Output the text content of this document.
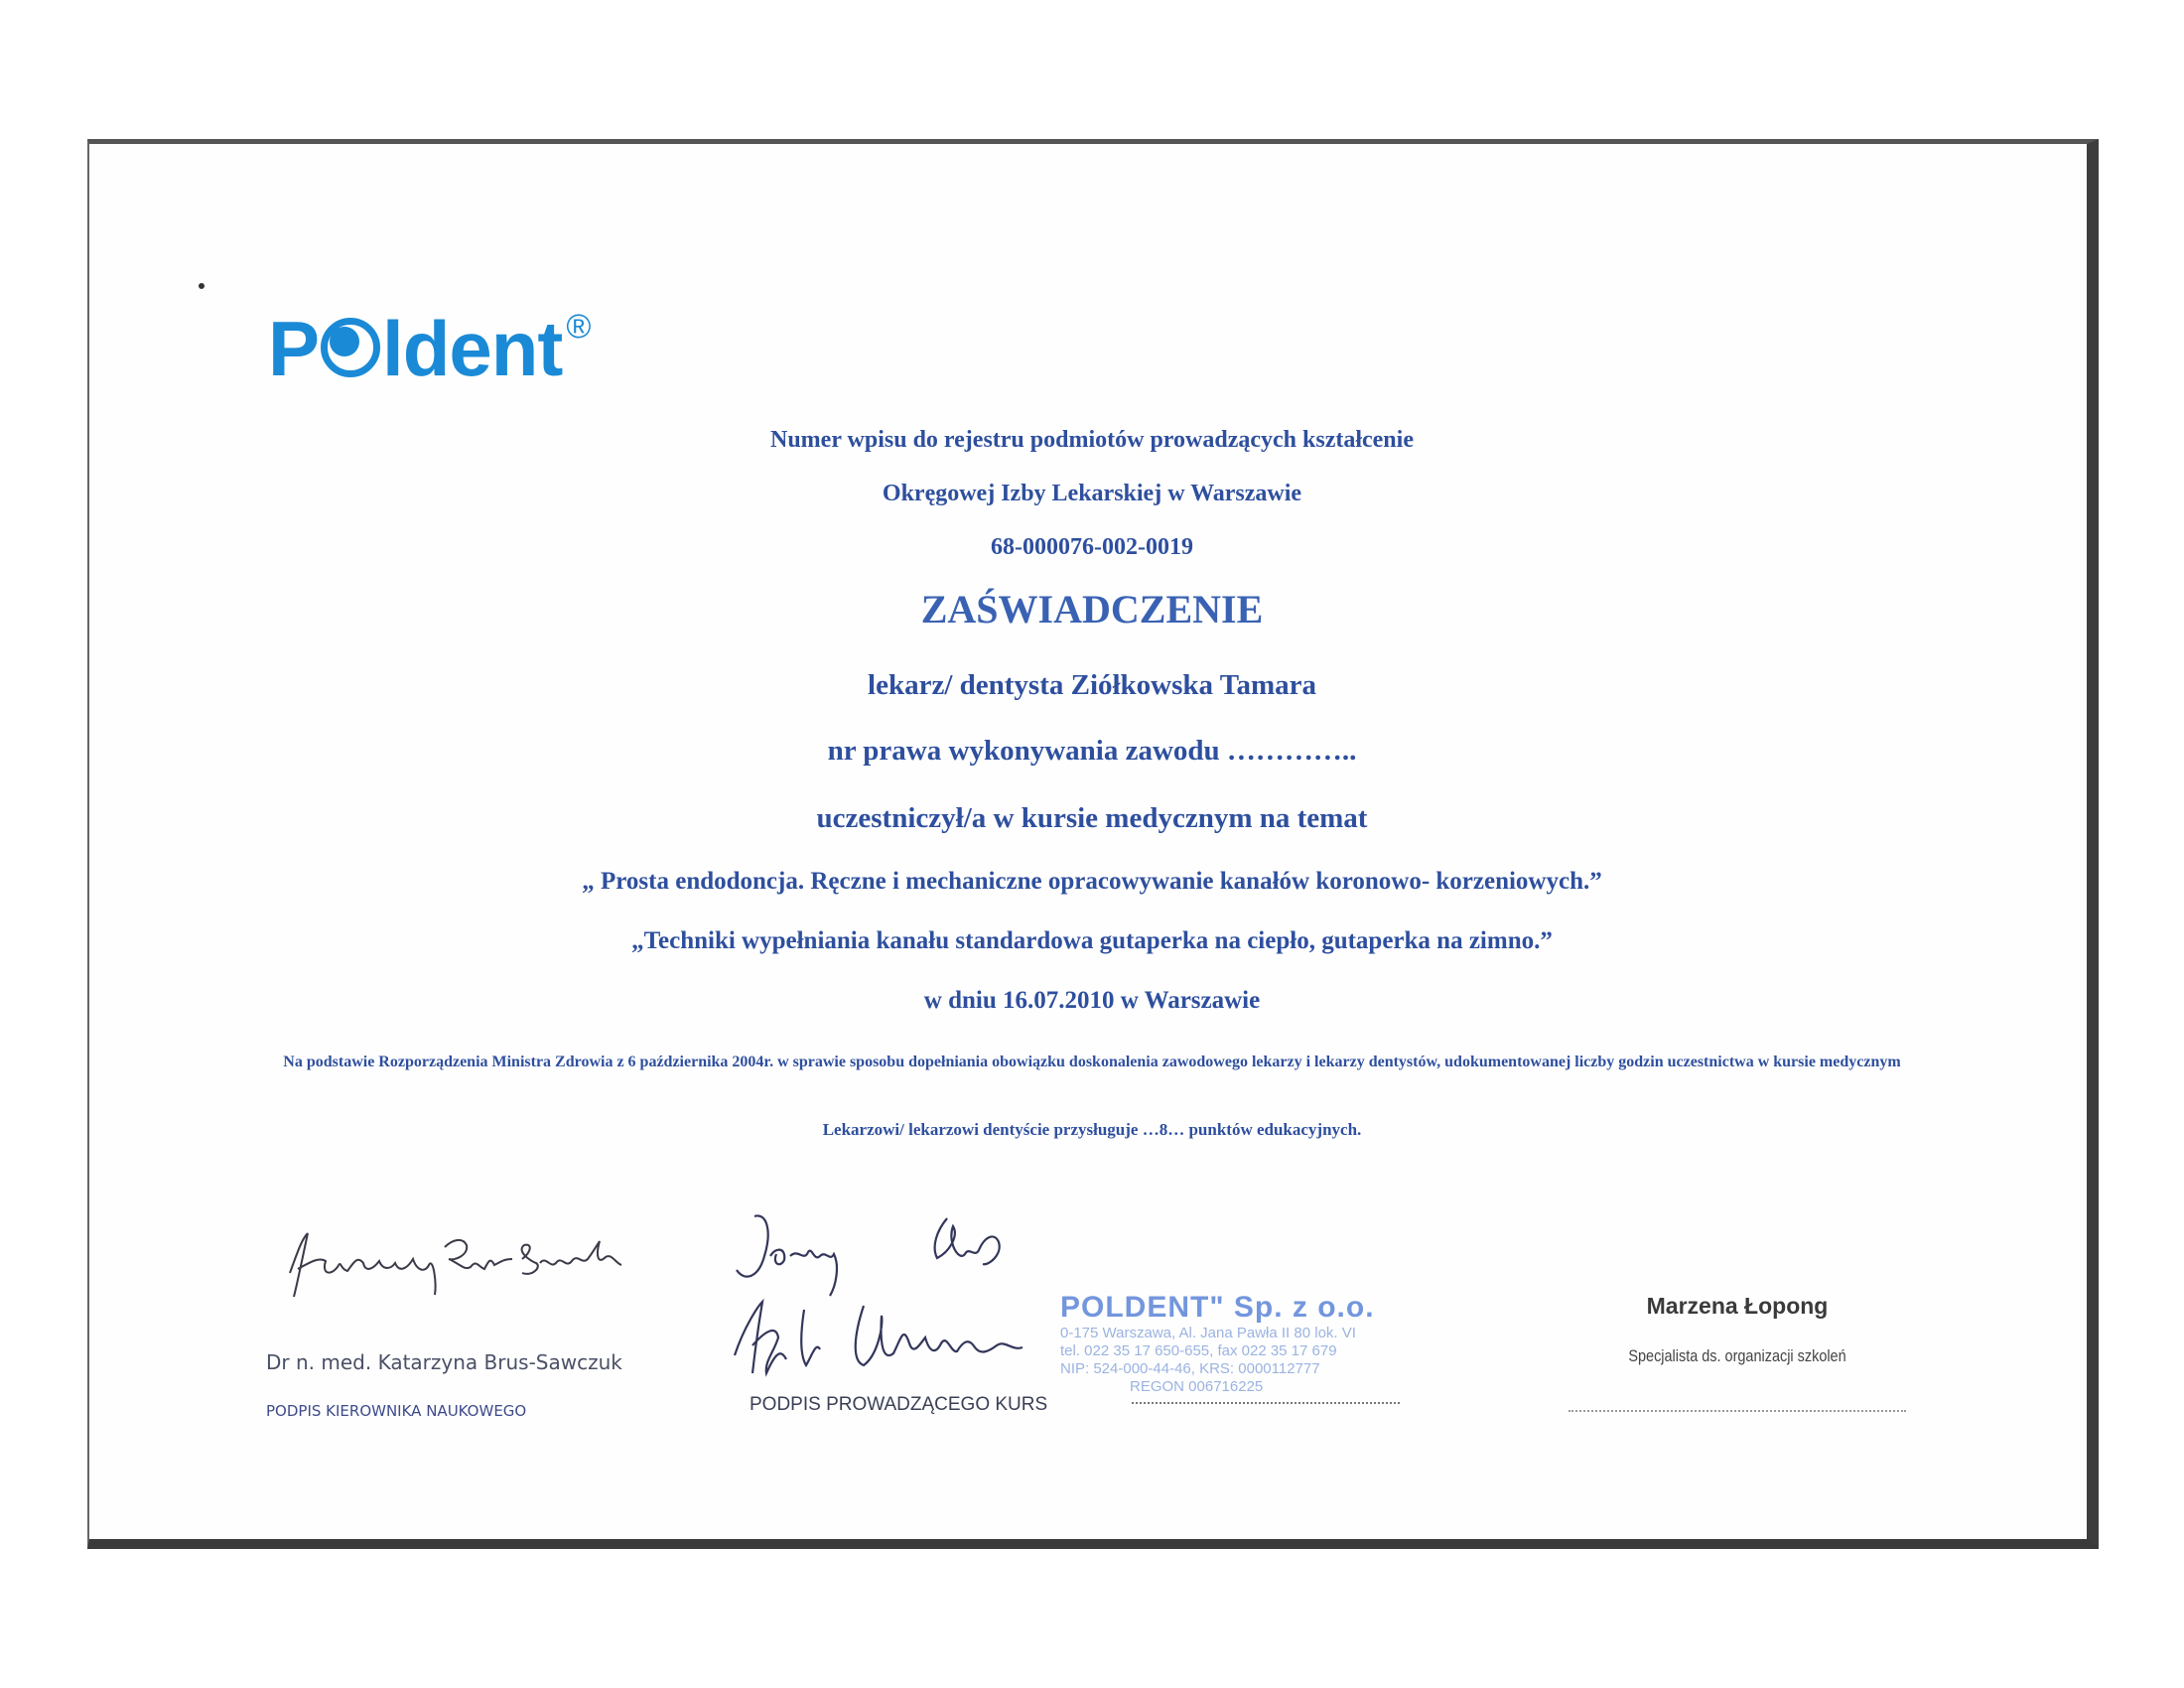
P ldent ®
Numer wpisu do rejestru podmiotów prowadzących kształcenie
Okręgowej Izby Lekarskiej w Warszawie
68-000076-002-0019
ZAŚWIADCZENIE
lekarz/ dentysta Ziółkowska Tamara
nr prawa wykonywania zawodu …………..
uczestniczył/a w kursie medycznym na temat
„ Prosta endodoncja. Ręczne i mechaniczne opracowywanie kanałów koronowo- korzeniowych.”
„Techniki wypełniania kanału standardowa gutaperka na ciepło, gutaperka na zimno.”
w dniu 16.07.2010 w Warszawie
Na podstawie Rozporządzenia Ministra Zdrowia z 6 października 2004r. w sprawie sposobu dopełniania obowiązku doskonalenia zawodowego lekarzy i lekarzy dentystów, udokumentowanej liczby godzin uczestnictwa w kursie medycznym
Lekarzowi/ lekarzowi dentyście przysługuje …8… punktów edukacyjnych.
Dr n. med. Katarzyna Brus-Sawczuk
PODPIS KIEROWNIKA NAUKOWEGO	PODPIS PROWADZĄCEGO KURS
POLDENT" Sp. z o.o.
0-175 Warszawa, Al. Jana Pawła II 80 lok. VI
tel. 022 35 17 650-655, fax 022 35 17 679
NIP: 524-000-44-46, KRS: 0000112777
REGON 006716225
Marzena Łopong
Specjalista ds. organizacji szkoleń
